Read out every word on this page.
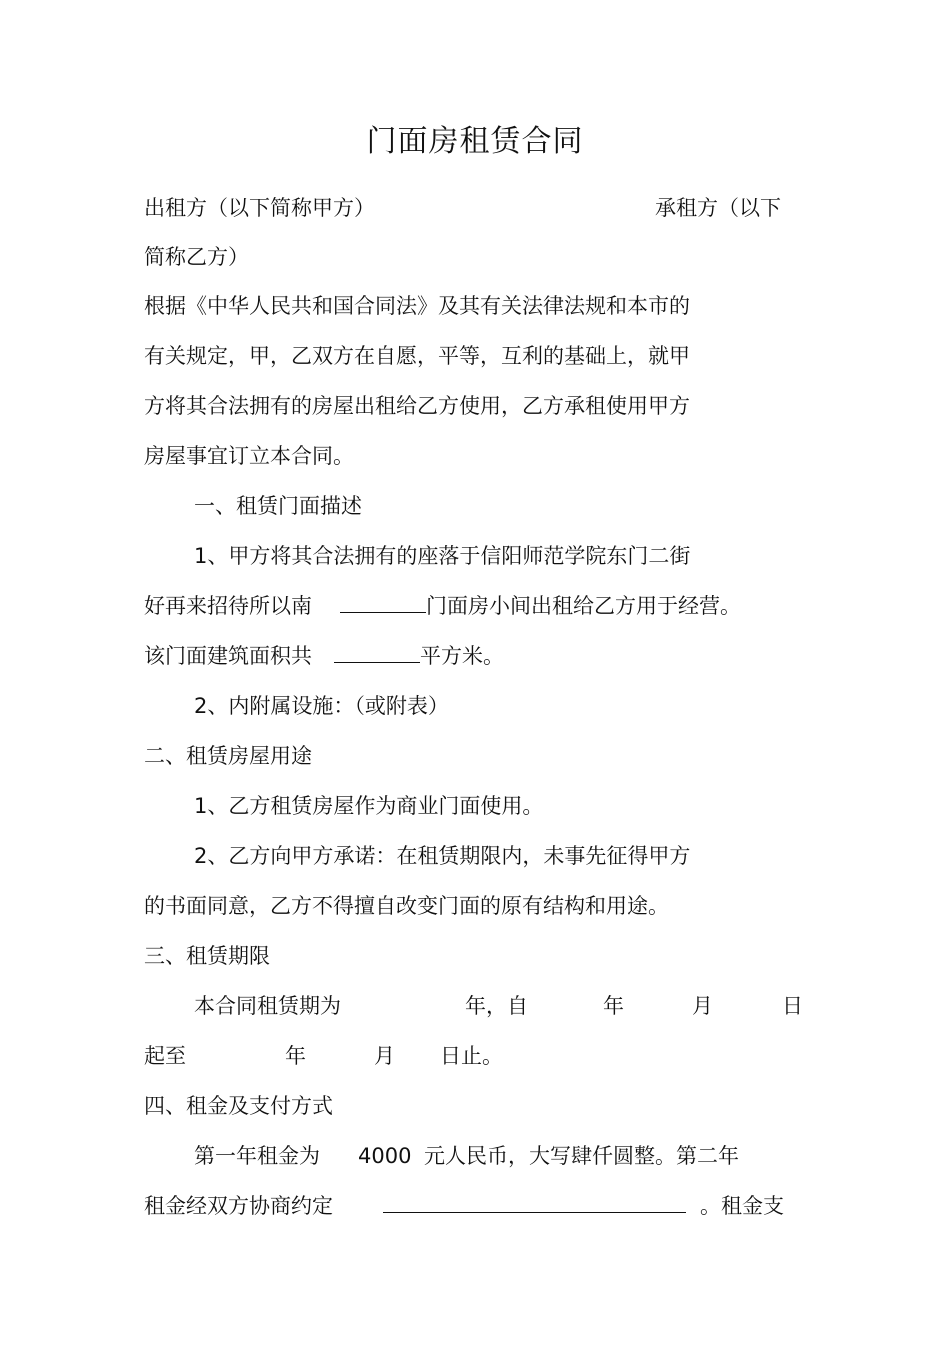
门面房租赁合同
出租方（以下简称甲方）	承租方（以下
简称乙方）
根据《中华人民共和国合同法》及其有关法律法规和本市的
有关规定，甲，乙双方在自愿，平等，互利的基础上，就甲
方将其合法拥有的房屋出租给乙方使用，乙方承租使用甲方
房屋事宜订立本合同。
一、租赁门面描述
1、甲方将其合法拥有的座落于信阳师范学院东门二街
好再来招待所以南	门面房小间出租给乙方用于经营。
该门面建筑面积共	平方米。
2、内附属设施：（或附表）
二、租赁房屋用途
1、乙方租赁房屋作为商业门面使用。
2、乙方向甲方承诺：在租赁期限内，未事先征得甲方
的书面同意，乙方不得擅自改变门面的原有结构和用途。
三、租赁期限
本合同租赁期为	年，自	年	月	日
起至	年	月 日止。
四、租金及支付方式
第一年租金为 4000 元人民币，大写肆仟圆整。第二年
租金经双方协商约定	。租金支
